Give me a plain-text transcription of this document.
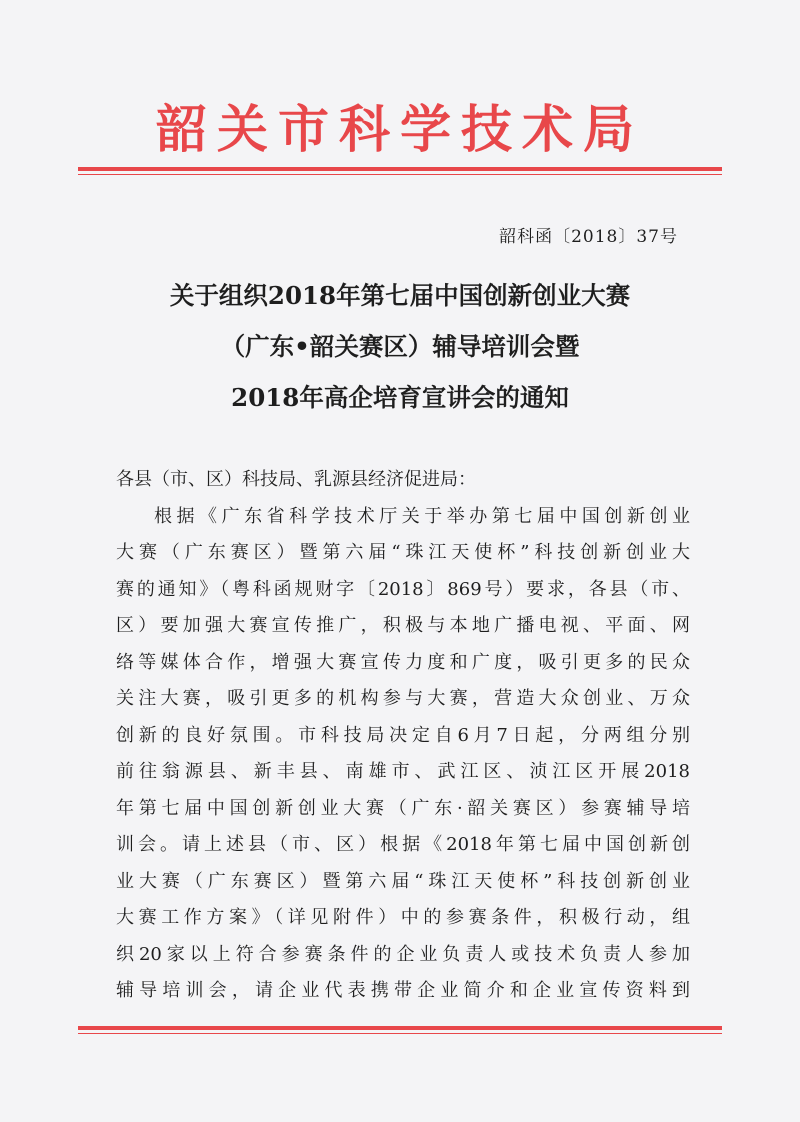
韶关市科学技术局
韶科函〔2018〕37号
关于组织2018年第七届中国创新创业大赛
（广东•韶关赛区）辅导培训会暨
2018年高企培育宣讲会的通知
各县（市、区）科技局、乳源县经济促进局：
根据《广东省科学技术厅关于举办第七届中国创新创业
大赛（广东赛区）暨第六届“珠江天使杯”科技创新创业大
赛的通知》（粤科函规财字〔2018〕869号）要求，各县（市、
区）要加强大赛宣传推广，积极与本地广播电视、平面、网
络等媒体合作，增强大赛宣传力度和广度，吸引更多的民众
关注大赛，吸引更多的机构参与大赛，营造大众创业、万众
创新的良好氛围。市科技局决定自6月7日起，分两组分别
前往翁源县、新丰县、南雄市、武江区、浈江区开展2018
年第七届中国创新创业大赛（广东·韶关赛区）参赛辅导培
训会。请上述县（市、区）根据《2018年第七届中国创新创
业大赛（广东赛区）暨第六届“珠江天使杯”科技创新创业
大赛工作方案》（详见附件）中的参赛条件，积极行动，组
织20家以上符合参赛条件的企业负责人或技术负责人参加
辅导培训会，请企业代表携带企业简介和企业宣传资料到
